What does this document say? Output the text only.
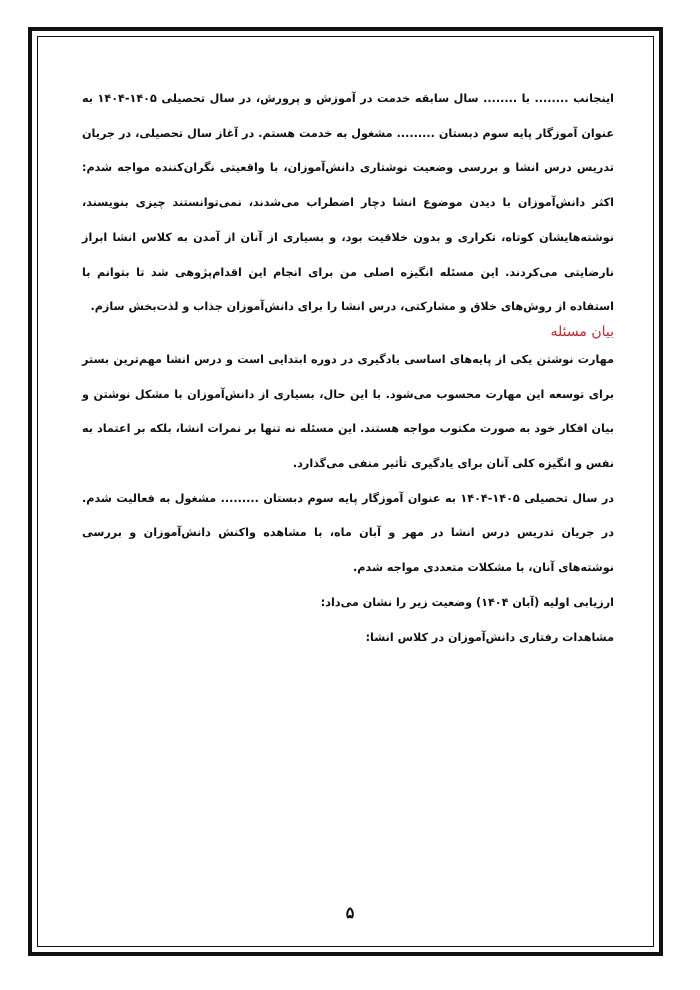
اینجانب ........ با ........ سال سابقه خدمت در آموزش و پرورش، در سال تحصیلی ۱۴۰۵-۱۴۰۴ به عنوان آموزگار پایه سوم دبستان ......... مشغول به خدمت هستم. در آغاز سال تحصیلی، در جریان تدریس درس انشا و بررسی وضعیت نوشتاری دانش‌آموزان، با واقعیتی نگران‌کننده مواجه شدم: اکثر دانش‌آموزان با دیدن موضوع انشا دچار اضطراب می‌شدند، نمی‌توانستند چیزی بنویسند، نوشته‌هایشان کوتاه، تکراری و بدون خلاقیت بود، و بسیاری از آنان از آمدن به کلاس انشا ابراز نارضایتی می‌کردند. این مسئله انگیزه اصلی من برای انجام این اقدام‌پژوهی شد تا بتوانم با استفاده از روش‌های خلاق و مشارکتی، درس انشا را برای دانش‌آموزان جذاب و لذت‌بخش سازم.

بیان مسئله

مهارت نوشتن یکی از پایه‌های اساسی یادگیری در دوره ابتدایی است و درس انشا مهم‌ترین بستر برای توسعه این مهارت محسوب می‌شود. با این حال، بسیاری از دانش‌آموزان با مشکل نوشتن و بیان افکار خود به صورت مکتوب مواجه هستند. این مسئله نه تنها بر نمرات انشا، بلکه بر اعتماد به نفس و انگیزه کلی آنان برای یادگیری تأثیر منفی می‌گذارد.

در سال تحصیلی ۱۴۰۵-۱۴۰۴ به عنوان آموزگار پایه سوم دبستان ......... مشغول به فعالیت شدم. در جریان تدریس درس انشا در مهر و آبان ماه، با مشاهده واکنش دانش‌آموزان و بررسی نوشته‌های آنان، با مشکلات متعددی مواجه شدم.

ارزیابی اولیه (آبان ۱۴۰۴) وضعیت زیر را نشان می‌داد:

مشاهدات رفتاری دانش‌آموزان در کلاس انشا:

۵
